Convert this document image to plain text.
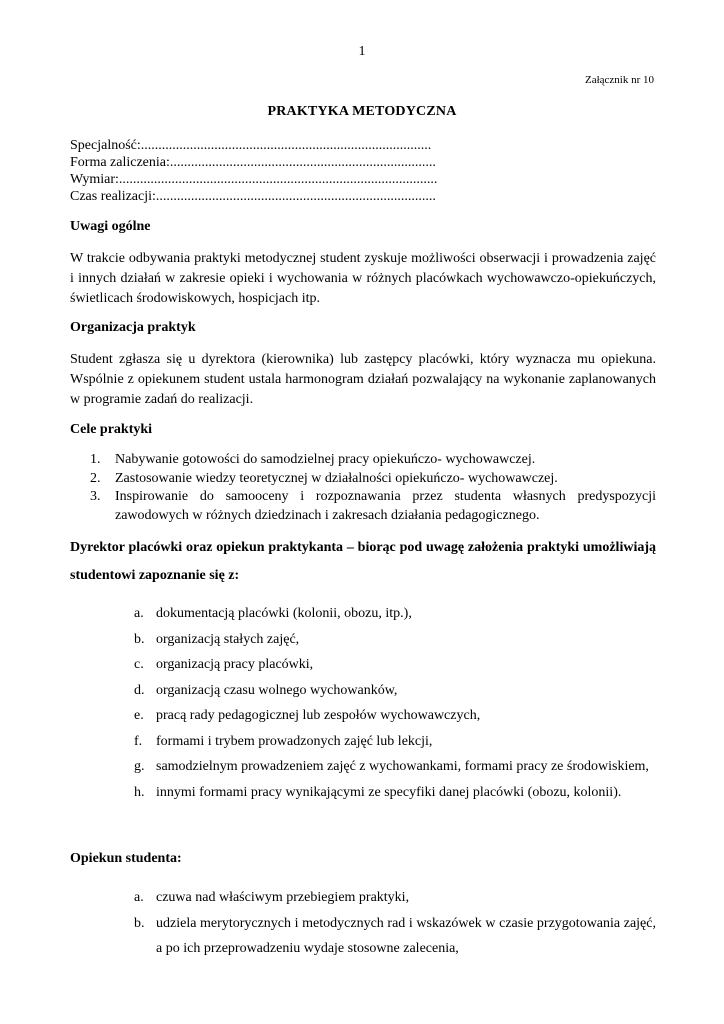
1
Załącznik nr 10
PRAKTYKA METODYCZNA
Specjalność:...................................................................................
Forma zaliczenia:............................................................................
Wymiar:...........................................................................................
Czas realizacji:................................................................................
Uwagi ogólne
W trakcie odbywania praktyki metodycznej student zyskuje możliwości obserwacji i prowadzenia zajęć i innych działań w zakresie opieki i wychowania w różnych placówkach wychowawczo-opiekuńczych, świetlicach środowiskowych, hospicjach itp.
Organizacja praktyk
Student zgłasza się u dyrektora (kierownika) lub zastępcy placówki, który wyznacza mu opiekuna. Wspólnie z opiekunem student ustala harmonogram działań pozwalający na wykonanie zaplanowanych w programie zadań do realizacji.
Cele praktyki
1. Nabywanie gotowości do samodzielnej pracy opiekuńczo- wychowawczej.
2. Zastosowanie wiedzy teoretycznej w działalności opiekuńczo- wychowawczej.
3. Inspirowanie do samooceny i rozpoznawania przez studenta własnych predyspozycji zawodowych w różnych dziedzinach i zakresach działania pedagogicznego.
Dyrektor placówki oraz opiekun praktykanta – biorąc pod uwagę założenia praktyki umożliwiają studentowi zapoznanie się z:
a. dokumentacją placówki (kolonii, obozu, itp.),
b. organizacją stałych zajęć,
c. organizacją pracy placówki,
d. organizacją czasu wolnego wychowanków,
e. pracą rady pedagogicznej lub zespołów wychowawczych,
f. formami i trybem prowadzonych zajęć lub lekcji,
g. samodzielnym prowadzeniem zajęć z wychowankami, formami pracy ze środowiskiem,
h. innymi formami pracy wynikającymi ze specyfiki danej placówki (obozu, kolonii).
Opiekun studenta:
a. czuwa nad właściwym przebiegiem praktyki,
b. udziela merytorycznych i metodycznych rad i wskazówek w czasie przygotowania zajęć, a po ich przeprowadzeniu wydaje stosowne zalecenia,
